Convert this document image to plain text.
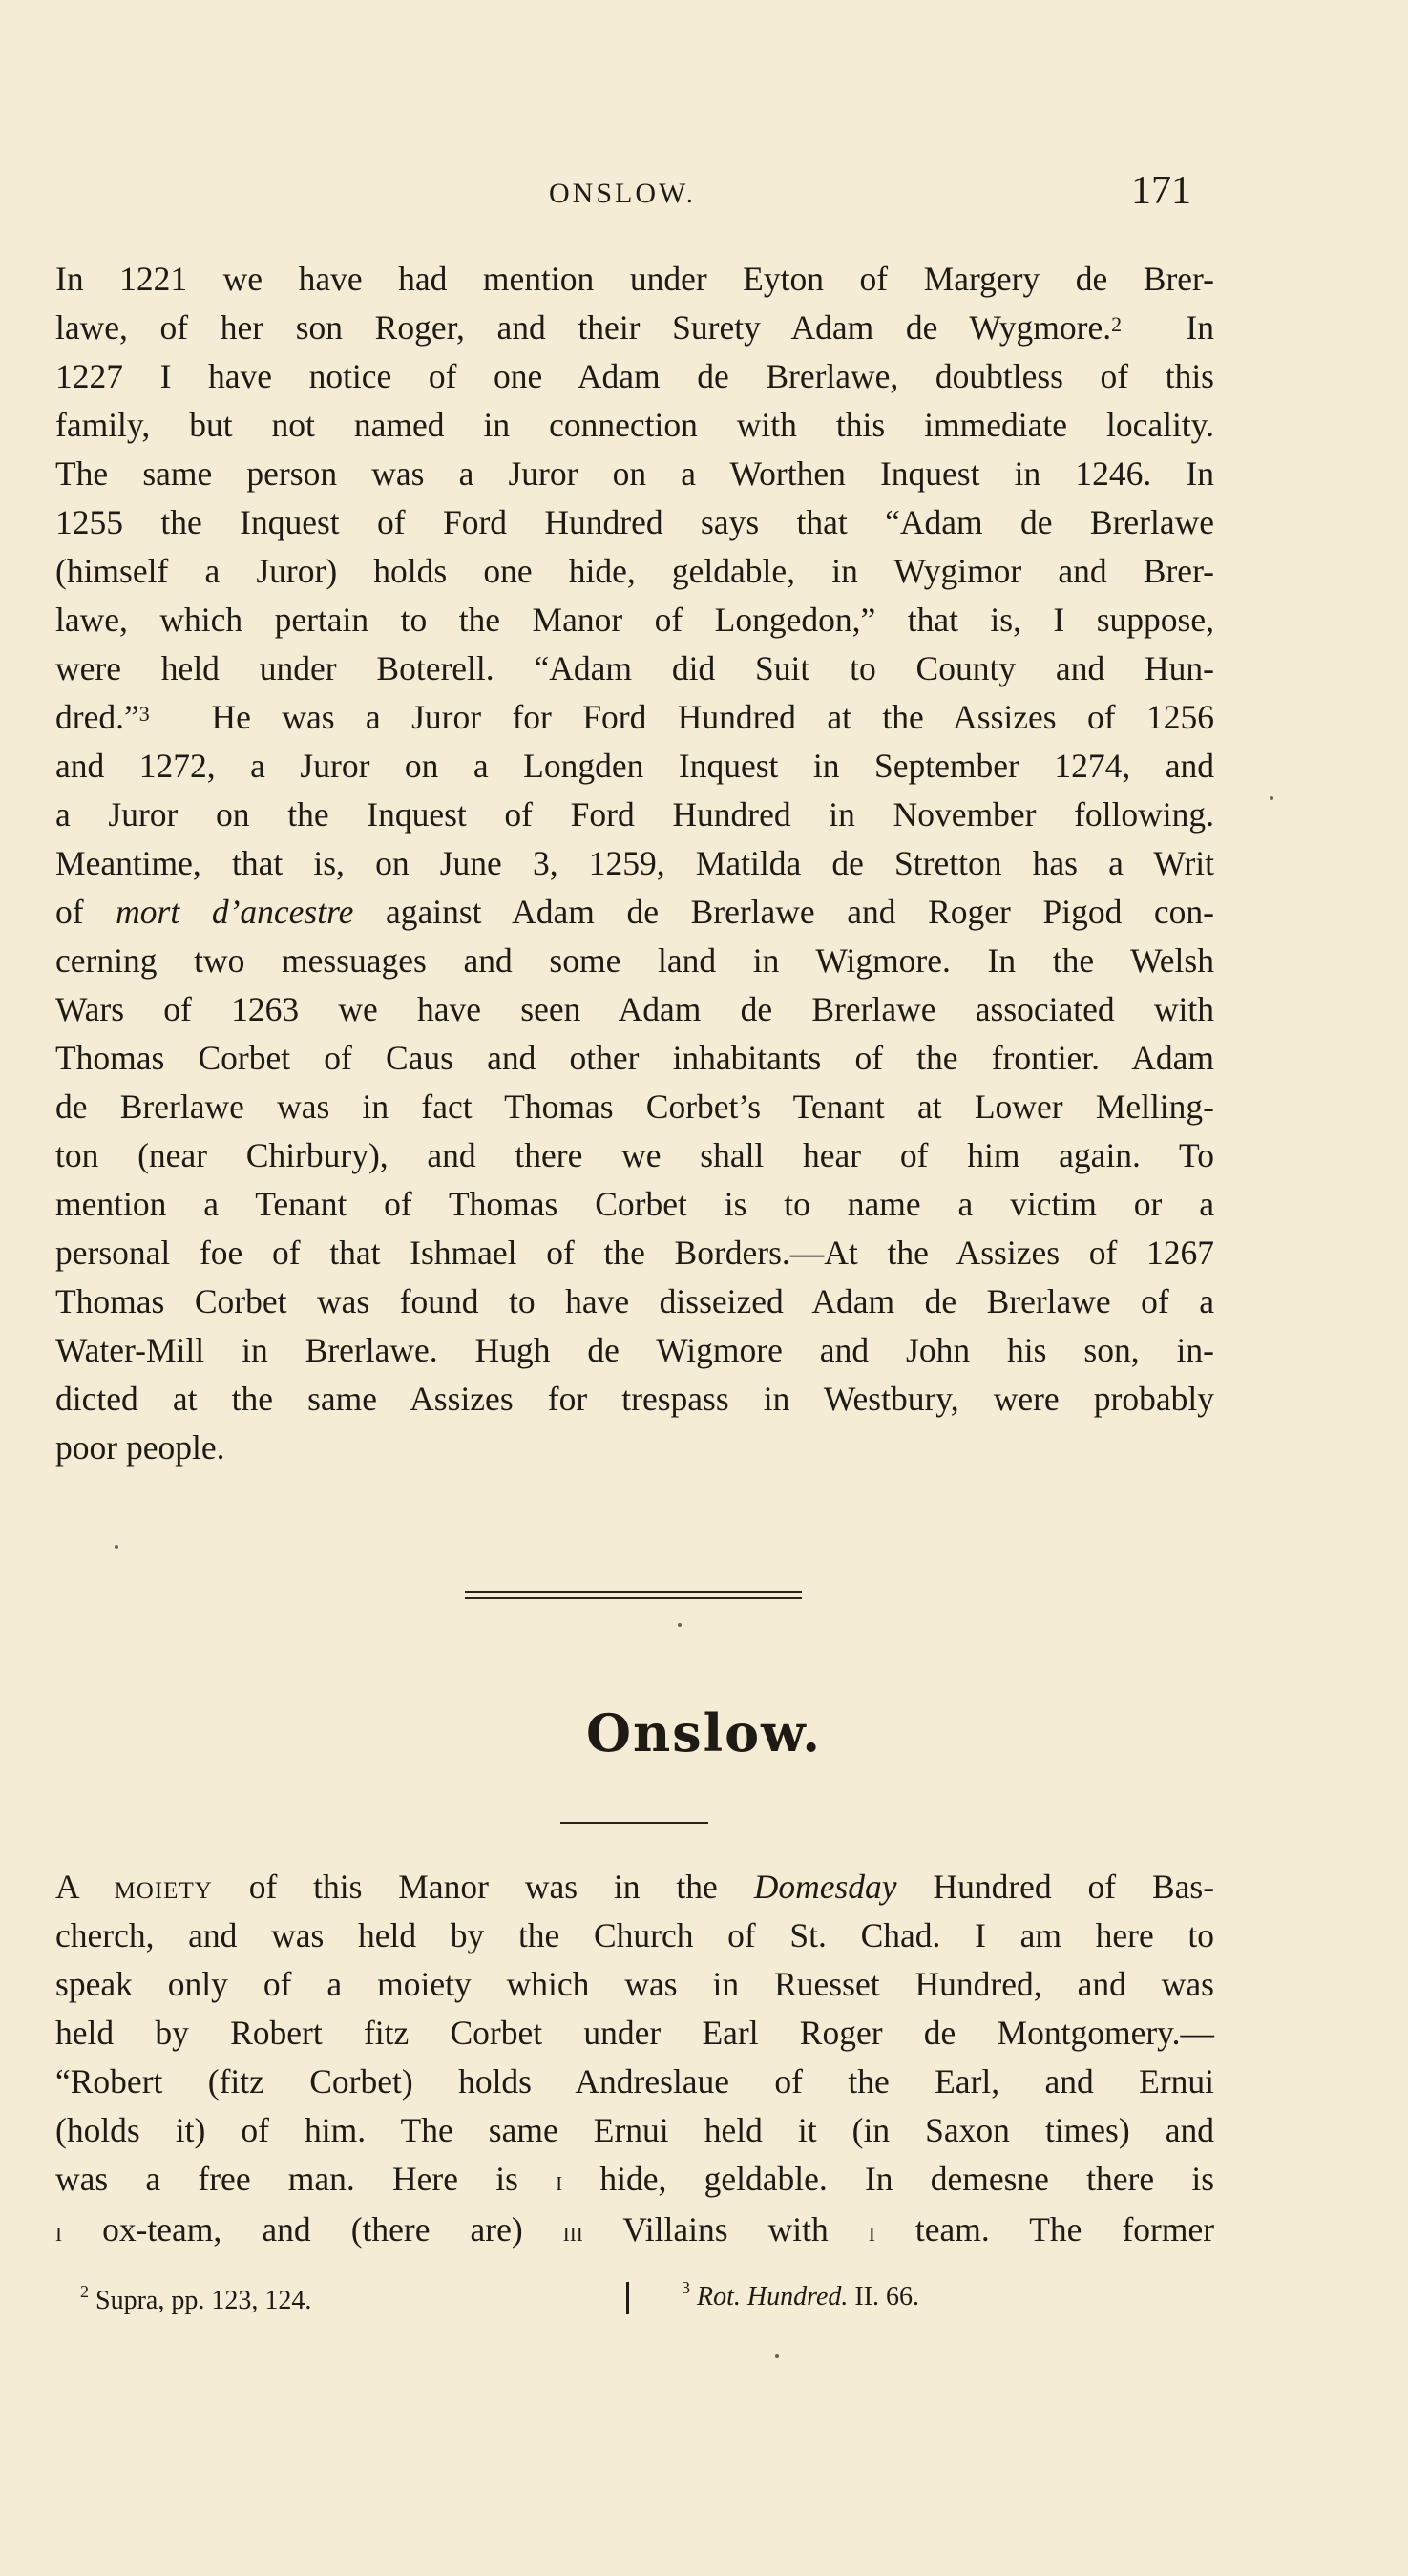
ONSLOW.	171
In 1221 we have had mention under Eyton of Margery de Brer-
lawe, of her son Roger, and their Surety Adam de Wygmore.$^2$ In
1227 I have notice of one Adam de Brerlawe, doubtless of this
family, but not named in connection with this immediate locality.
The same person was a Juror on a Worthen Inquest in 1246. In
1255 the Inquest of Ford Hundred says that “Adam de Brerlawe
(himself a Juror) holds one hide, geldable, in Wygimor and Brer-
lawe, which pertain to the Manor of Longedon,” that is, I suppose,
were held under Boterell. “Adam did Suit to County and Hun-
dred.”$^3$ He was a Juror for Ford Hundred at the Assizes of 1256
and 1272, a Juror on a Longden Inquest in September 1274, and
a Juror on the Inquest of Ford Hundred in November following.
Meantime, that is, on June 3, 1259, Matilda de Stretton has a Writ
of mort d’ancestre against Adam de Brerlawe and Roger Pigod con-
cerning two messuages and some land in Wigmore. In the Welsh
Wars of 1263 we have seen Adam de Brerlawe associated with
Thomas Corbet of Caus and other inhabitants of the frontier. Adam
de Brerlawe was in fact Thomas Corbet’s Tenant at Lower Melling-
ton (near Chirbury), and there we shall hear of him again. To
mention a Tenant of Thomas Corbet is to name a victim or a
personal foe of that Ishmael of the Borders.—At the Assizes of 1267
Thomas Corbet was found to have disseized Adam de Brerlawe of a
Water-Mill in Brerlawe. Hugh de Wigmore and John his son, in-
dicted at the same Assizes for trespass in Westbury, were probably
poor people.
Onslow.
A moiety of this Manor was in the Domesday Hundred of Bas-
cherch, and was held by the Church of St. Chad. I am here to
speak only of a moiety which was in Ruesset Hundred, and was
held by Robert fitz Corbet under Earl Roger de Montgomery.—
“Robert (fitz Corbet) holds Andreslaue of the Earl, and Ernui
(holds it) of him. The same Ernui held it (in Saxon times) and
was a free man. Here is i hide, geldable. In demesne there is
i ox-team, and (there are) iii Villains with i team. The former
$^2$ Supra, pp. 123, 124.	$^3$ Rot. Hundred. II. 66.
